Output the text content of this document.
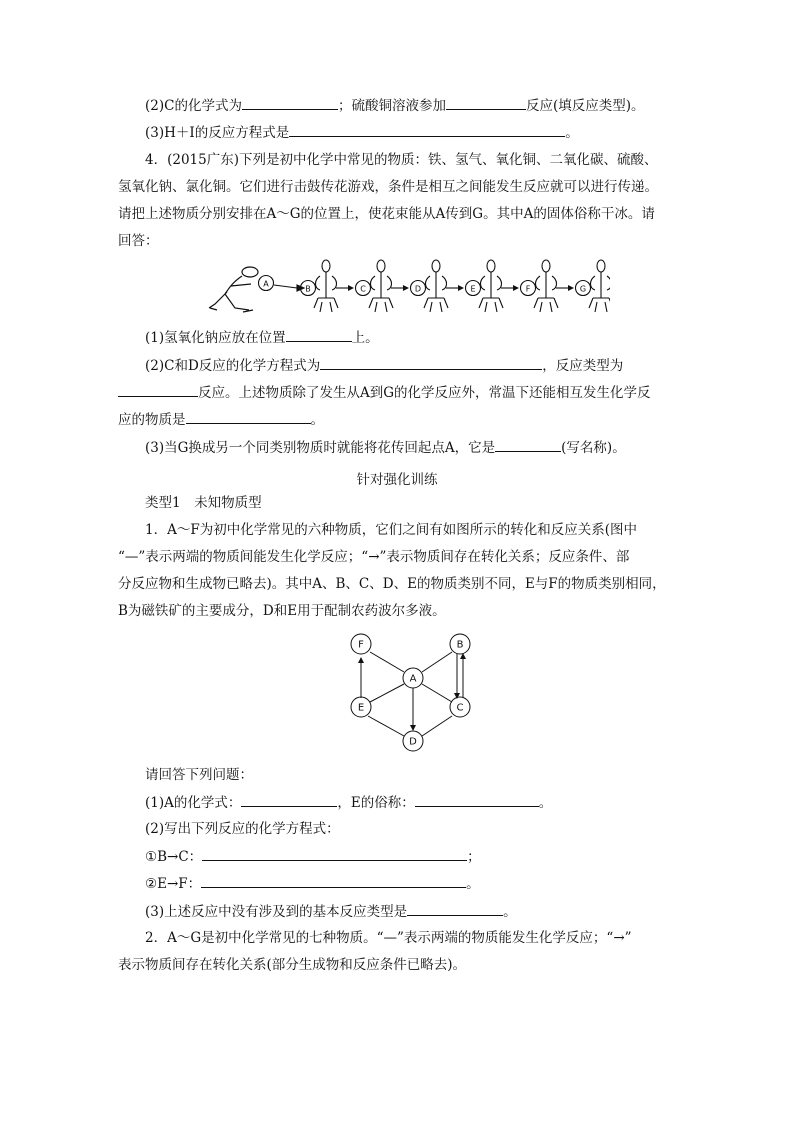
(2)C的化学式为	；硫酸铜溶液参加	反应(填反应类型)。
(3)H＋I的反应方程式是	。
4．(2015广东)下列是初中化学中常见的物质：铁、氢气、氧化铜、二氧化碳、硫酸、
氢氧化钠、氯化铜。它们进行击鼓传花游戏，条件是相互之间能发生反应就可以进行传递。
请把上述物质分别安排在A～G的位置上，使花束能从A传到G。其中A的固体俗称干冰。请
回答：
A
B	C	D	E	F	G
(1)氢氧化钠应放在位置	上。
(2)C和D反应的化学方程式为	，反应类型为
反应。上述物质除了发生从A到G的化学反应外，常温下还能相互发生化学反
应的物质是	。
(3)当G换成另一个同类别物质时就能将花传回起点A，它是	(写名称)。
针对强化训练
类型1　未知物质型
1．A～F为初中化学常见的六种物质，它们之间有如图所示的转化和反应关系(图中
“—”表示两端的物质间能发生化学反应；“→”表示物质间存在转化关系；反应条件、部
分反应物和生成物已略去)。其中A、B、C、D、E的物质类别不同，E与F的物质类别相同，
B为磁铁矿的主要成分，D和E用于配制农药波尔多液。
F	B
A
E	C
D
请回答下列问题：
(1)A的化学式：	，E的俗称：	。
(2)写出下列反应的化学方程式：
①B→C：	；
②E→F：	。
(3)上述反应中没有涉及到的基本反应类型是	。
2．A～G是初中化学常见的七种物质。“—”表示两端的物质能发生化学反应；“→”
表示物质间存在转化关系(部分生成物和反应条件已略去)。
